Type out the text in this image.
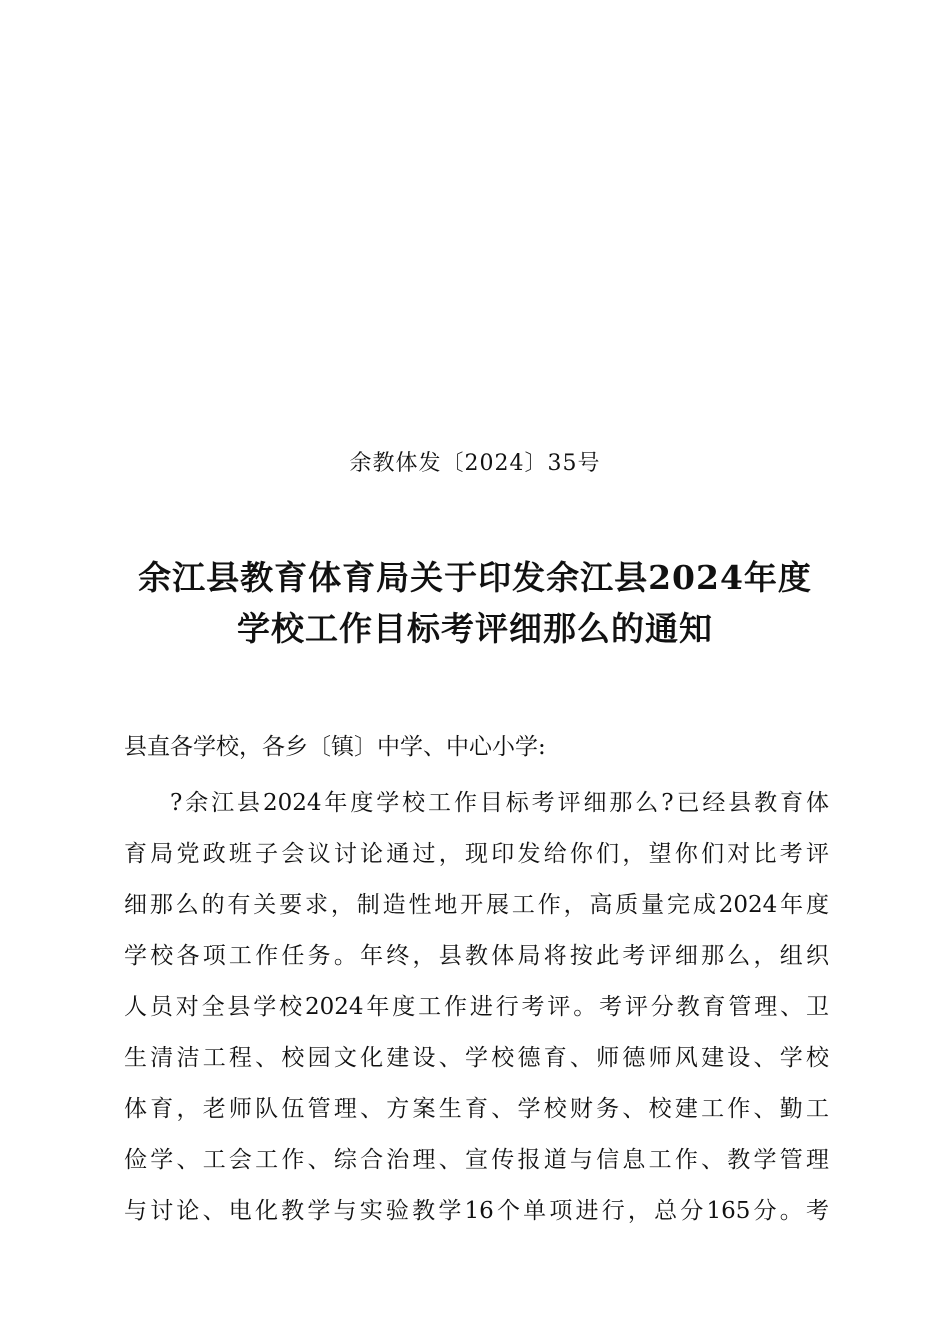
余教体发〔2024〕35号
余江县教育体育局关于印发余江县2024年度
学校工作目标考评细那么的通知
县直各学校，各乡〔镇〕中学、中心小学:
?余江县2024年度学校工作目标考评细那么?已经县教育体
育局党政班子会议讨论通过，现印发给你们，望你们对比考评
细那么的有关要求，制造性地开展工作，高质量完成2024年度
学校各项工作任务。年终，县教体局将按此考评细那么，组织
人员对全县学校2024年度工作进行考评。考评分教育管理、卫
生清洁工程、校园文化建设、学校德育、师德师风建设、学校
体育，老师队伍管理、方案生育、学校财务、校建工作、勤工
俭学、工会工作、综合治理、宣传报道与信息工作、教学管理
与讨论、电化教学与实验教学16个单项进行，总分165分。考
